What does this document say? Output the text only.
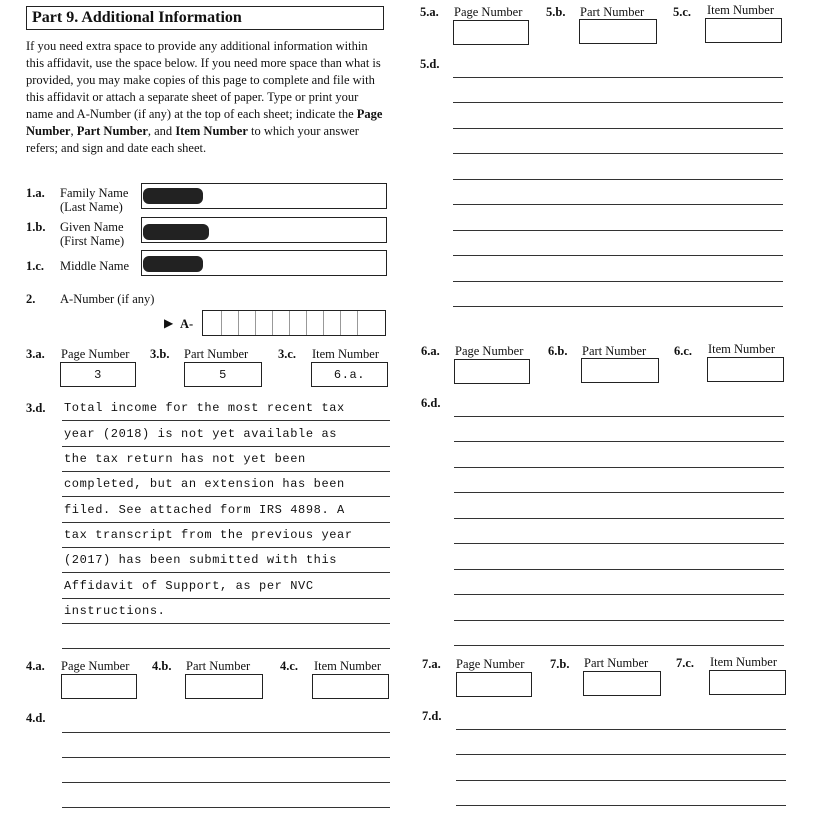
Part 9. Additional Information
If you need extra space to provide any additional information within this affidavit, use the space below. If you need more space than what is provided, you may make copies of this page to complete and file with this affidavit or attach a separate sheet of paper. Type or print your name and A-Number (if any) at the top of each sheet; indicate the Page Number, Part Number, and Item Number to which your answer refers; and sign and date each sheet.
1.a. Family Name
(Last Name)
1.b. Given Name
(First Name)
1.c. Middle Name
2. A-Number (if any)
▶ A-
3.a. Page Number 3.b. Part Number 3.c. Item Number
3	5	6.a.
3.d. Total income for the most recent tax
year (2018) is not yet available as
the tax return has not yet been
completed, but an extension has been
filed. See attached form IRS 4898. A
tax transcript from the previous year
(2017) has been submitted with this
Affidavit of Support, as per NVC
instructions.
4.a. Page Number 4.b. Part Number 4.c. Item Number
4.d.
5.a. Page Number 5.b. Part Number 5.c. Item Number
5.d.
6.a. Page Number 6.b. Part Number 6.c. Item Number
6.d.
7.a. Page Number 7.b. Part Number 7.c. Item Number
7.d.
